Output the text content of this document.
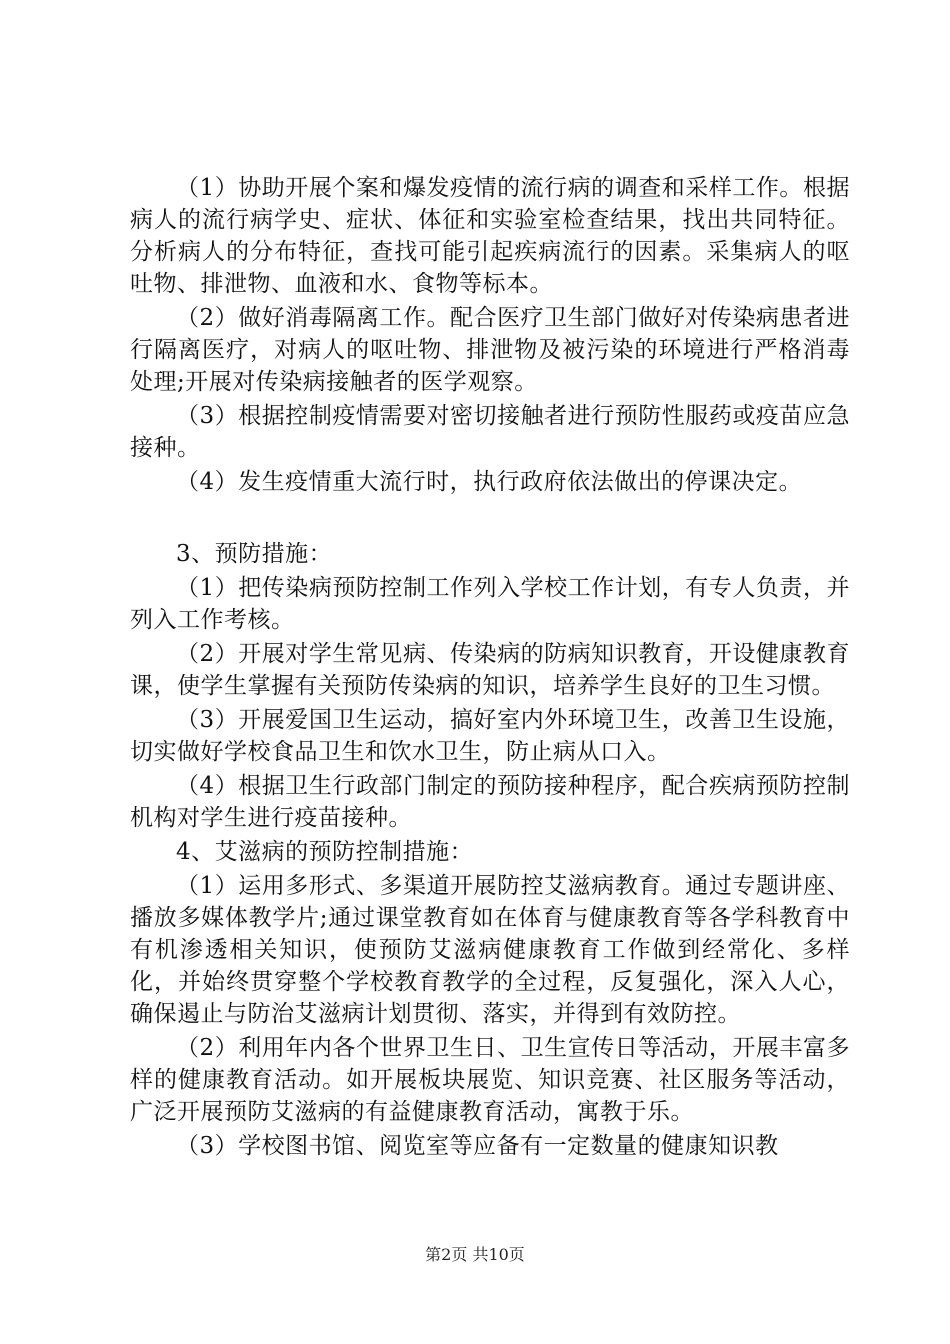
（1）协助开展个案和爆发疫情的流行病的调查和采样工作。根据病人的流行病学史、症状、体征和实验室检查结果，找出共同特征。分析病人的分布特征，查找可能引起疾病流行的因素。采集病人的呕吐物、排泄物、血液和水、食物等标本。

（2）做好消毒隔离工作。配合医疗卫生部门做好对传染病患者进行隔离医疗，对病人的呕吐物、排泄物及被污染的环境进行严格消毒处理;开展对传染病接触者的医学观察。

（3）根据控制疫情需要对密切接触者进行预防性服药或疫苗应急接种。

（4）发生疫情重大流行时，执行政府依法做出的停课决定。

3、预防措施：

（1）把传染病预防控制工作列入学校工作计划，有专人负责，并列入工作考核。

（2）开展对学生常见病、传染病的防病知识教育，开设健康教育课，使学生掌握有关预防传染病的知识，培养学生良好的卫生习惯。

（3）开展爱国卫生运动，搞好室内外环境卫生，改善卫生设施，切实做好学校食品卫生和饮水卫生，防止病从口入。

（4）根据卫生行政部门制定的预防接种程序，配合疾病预防控制机构对学生进行疫苗接种。

4、艾滋病的预防控制措施：

（1）运用多形式、多渠道开展防控艾滋病教育。通过专题讲座、播放多媒体教学片;通过课堂教育如在体育与健康教育等各学科教育中有机渗透相关知识，使预防艾滋病健康教育工作做到经常化、多样化，并始终贯穿整个学校教育教学的全过程，反复强化，深入人心，确保遏止与防治艾滋病计划贯彻、落实，并得到有效防控。

（2）利用年内各个世界卫生日、卫生宣传日等活动，开展丰富多样的健康教育活动。如开展板块展览、知识竞赛、社区服务等活动，广泛开展预防艾滋病的有益健康教育活动，寓教于乐。

（3）学校图书馆、阅览室等应备有一定数量的健康知识教

第2页 共10页
